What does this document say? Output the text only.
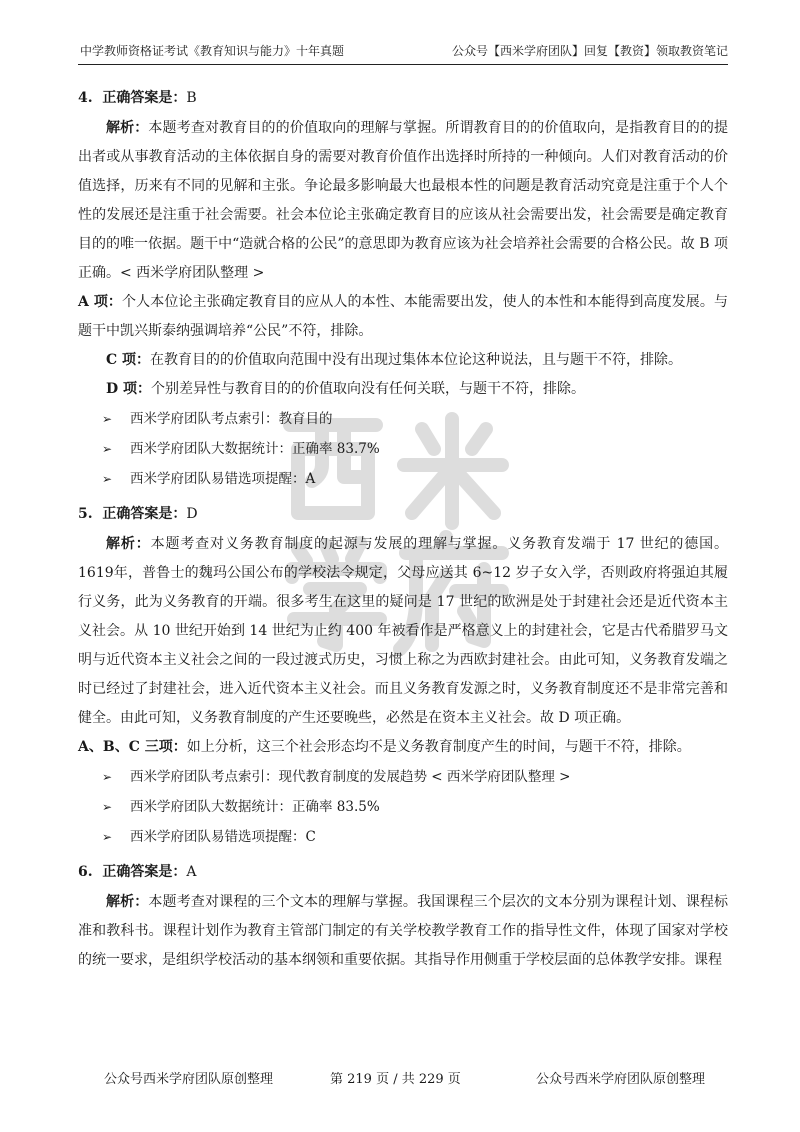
中学教师资格证考试《教育知识与能力》十年真题	公众号【西米学府团队】回复【教资】领取教资笔记
4. 正确答案是：B

解析：本题考查对教育目的的价值取向的理解与掌握。所谓教育目的的价值取向，是指教育目的的提出者或从事教育活动的主体依据自身的需要对教育价值作出选择时所持的一种倾向。人们对教育活动的价值选择，历来有不同的见解和主张。争论最多影响最大也最根本性的问题是教育活动究竟是注重于个人个性的发展还是注重于社会需要。社会本位论主张确定教育目的应该从社会需要出发，社会需要是确定教育目的的唯一依据。题干中“造就合格的公民”的意思即为教育应该为社会培养社会需要的合格公民。故 B 项正确。< 西米学府团队整理 >

A 项：个人本位论主张确定教育目的应从人的本性、本能需要出发，使人的本性和本能得到高度发展。与题干中凯兴斯泰纳强调培养“公民”不符，排除。

C 项：在教育目的的价值取向范围中没有出现过集体本位论这种说法，且与题干不符，排除。

D 项：个别差异性与教育目的的价值取向没有任何关联，与题干不符，排除。

➢ 西米学府团队考点索引：教育目的
➢ 西米学府团队大数据统计：正确率 83.7%
➢ 西米学府团队易错选项提醒：A
5. 正确答案是：D

解析：本题考查对义务教育制度的起源与发展的理解与掌握。义务教育发端于 17 世纪的德国。1619年，普鲁士的魏玛公国公布的学校法令规定，父母应送其 6~12 岁子女入学，否则政府将强迫其履行义务，此为义务教育的开端。很多考生在这里的疑问是 17 世纪的欧洲是处于封建社会还是近代资本主义社会。从 10 世纪开始到 14 世纪为止约 400 年被看作是严格意义上的封建社会，它是古代希腊罗马文明与近代资本主义社会之间的一段过渡式历史，习惯上称之为西欧封建社会。由此可知，义务教育发端之时已经过了封建社会，进入近代资本主义社会。而且义务教育发源之时，义务教育制度还不是非常完善和健全。由此可知，义务教育制度的产生还要晚些，必然是在资本主义社会。故 D 项正确。

A、B、C 三项：如上分析，这三个社会形态均不是义务教育制度产生的时间，与题干不符，排除。

➢ 西米学府团队考点索引：现代教育制度的发展趋势 < 西米学府团队整理 >
➢ 西米学府团队大数据统计：正确率 83.5%
➢ 西米学府团队易错选项提醒：C
6. 正确答案是：A

解析：本题考查对课程的三个文本的理解与掌握。我国课程三个层次的文本分别为课程计划、课程标准和教科书。课程计划作为教育主管部门制定的有关学校教学教育工作的指导性文件，体现了国家对学校的统一要求，是组织学校活动的基本纲领和重要依据。其指导作用侧重于学校层面的总体教学安排。课程

公众号西米学府团队原创整理	第 219 页 / 共 229 页	公众号西米学府团队原创整理
